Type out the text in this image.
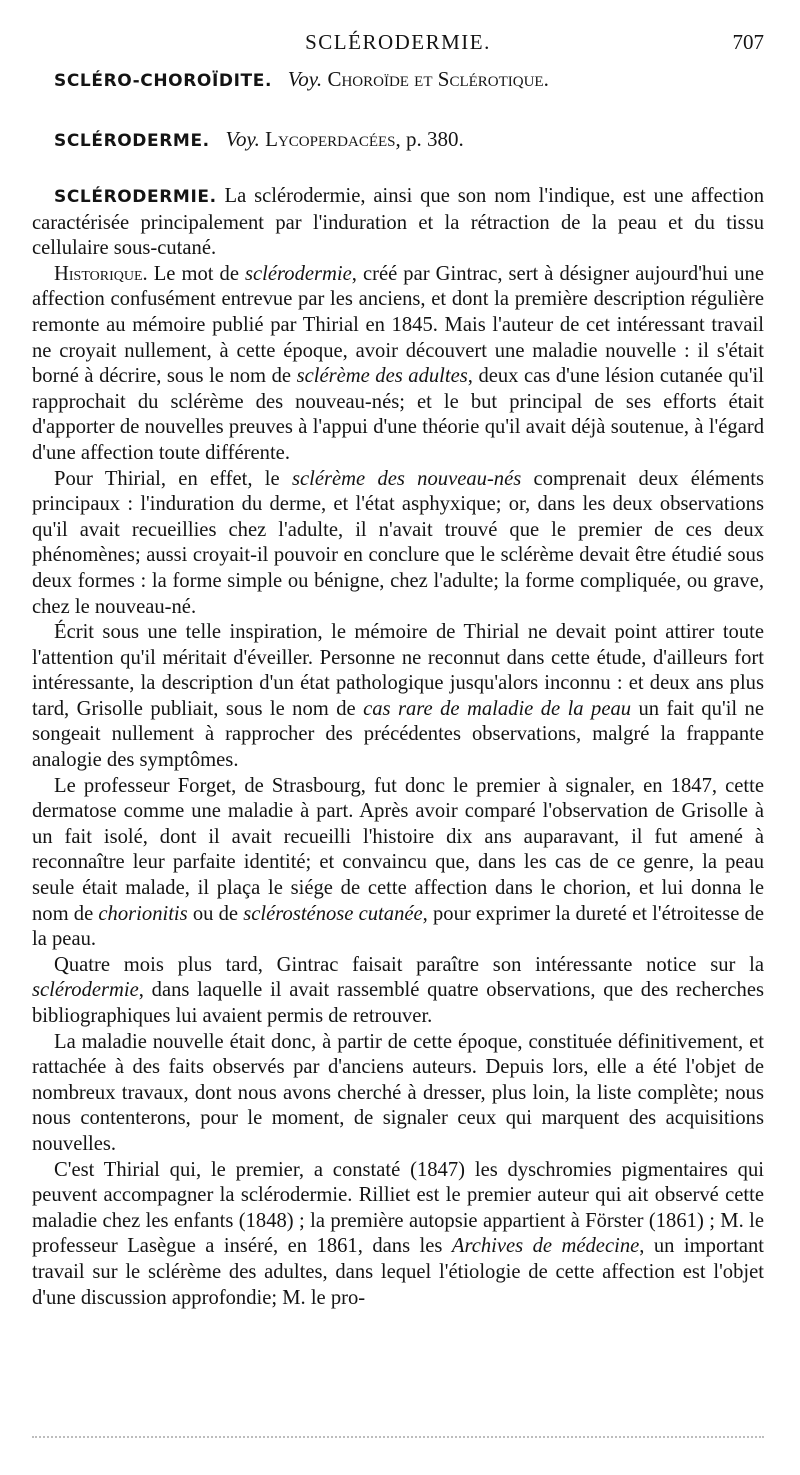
SCLÉRODERMIE.	707
SCLÉRO-CHOROÏDITE. Voy. Choroïde et Sclérotique.
SCLÉRODERME. Voy. Lycoperdacées, p. 380.

SCLÉRODERMIE. La sclérodermie, ainsi que son nom l'indique, est une affection caractérisée principalement par l'induration et la rétraction de la peau et du tissu cellulaire sous-cutané.

Historique. Le mot de sclérodermie, créé par Gintrac, sert à désigner aujourd'hui une affection confusément entrevue par les anciens, et dont la première description régulière remonte au mémoire publié par Thirial en 1845. Mais l'auteur de cet intéressant travail ne croyait nullement, à cette époque, avoir découvert une maladie nouvelle : il s'était borné à décrire, sous le nom de sclérème des adultes, deux cas d'une lésion cutanée qu'il rapprochait du sclérème des nouveau-nés; et le but principal de ses efforts était d'apporter de nouvelles preuves à l'appui d'une théorie qu'il avait déjà soutenue, à l'égard d'une affection toute différente.

Pour Thirial, en effet, le sclérème des nouveau-nés comprenait deux éléments principaux : l'induration du derme, et l'état asphyxique; or, dans les deux observations qu'il avait recueillies chez l'adulte, il n'avait trouvé que le premier de ces deux phénomènes; aussi croyait-il pouvoir en conclure que le sclérème devait être étudié sous deux formes : la forme simple ou bénigne, chez l'adulte; la forme compliquée, ou grave, chez le nouveau-né.

Écrit sous une telle inspiration, le mémoire de Thirial ne devait point attirer toute l'attention qu'il méritait d'éveiller. Personne ne reconnut dans cette étude, d'ailleurs fort intéressante, la description d'un état pathologique jusqu'alors inconnu : et deux ans plus tard, Grisolle publiait, sous le nom de cas rare de maladie de la peau un fait qu'il ne songeait nullement à rapprocher des précédentes observations, malgré la frappante analogie des symptômes.

Le professeur Forget, de Strasbourg, fut donc le premier à signaler, en 1847, cette dermatose comme une maladie à part. Après avoir comparé l'observation de Grisolle à un fait isolé, dont il avait recueilli l'histoire dix ans auparavant, il fut amené à reconnaître leur parfaite identité; et convaincu que, dans les cas de ce genre, la peau seule était malade, il plaça le siége de cette affection dans le chorion, et lui donna le nom de chorionitis ou de sclérosténose cutanée, pour exprimer la dureté et l'étroitesse de la peau.

Quatre mois plus tard, Gintrac faisait paraître son intéressante notice sur la sclérodermie, dans laquelle il avait rassemblé quatre observations, que des recherches bibliographiques lui avaient permis de retrouver.

La maladie nouvelle était donc, à partir de cette époque, constituée définitivement, et rattachée à des faits observés par d'anciens auteurs. Depuis lors, elle a été l'objet de nombreux travaux, dont nous avons cherché à dresser, plus loin, la liste complète; nous nous contenterons, pour le moment, de signaler ceux qui marquent des acquisitions nouvelles.

C'est Thirial qui, le premier, a constaté (1847) les dyschromies pigmentaires qui peuvent accompagner la sclérodermie. Rilliet est le premier auteur qui ait observé cette maladie chez les enfants (1848) ; la première autopsie appartient à Förster (1861) ; M. le professeur Lasègue a inséré, en 1861, dans les Archives de médecine, un important travail sur le sclérème des adultes, dans lequel l'étiologie de cette affection est l'objet d'une discussion approfondie; M. le pro-
